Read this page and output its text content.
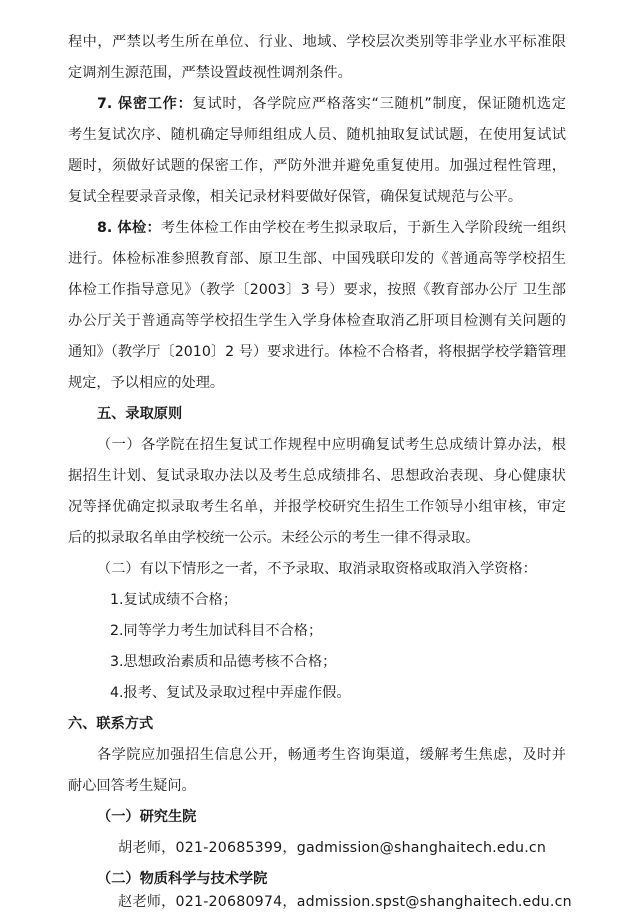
程中，严禁以考生所在单位、行业、地域、学校层次类别等非学业水平标准限
定调剂生源范围，严禁设置歧视性调剂条件。
7. 保密工作：复试时，各学院应严格落实“三随机”制度，保证随机选定
考生复试次序、随机确定导师组组成人员、随机抽取复试试题，在使用复试试
题时，须做好试题的保密工作，严防外泄并避免重复使用。加强过程性管理，
复试全程要录音录像，相关记录材料要做好保管，确保复试规范与公平。
8. 体检：考生体检工作由学校在考生拟录取后，于新生入学阶段统一组织
进行。体检标准参照教育部、原卫生部、中国残联印发的《普通高等学校招生
体检工作指导意见》（教学〔2003〕3 号）要求，按照《教育部办公厅 卫生部
办公厅关于普通高等学校招生学生入学身体检查取消乙肝项目检测有关问题的
通知》（教学厅〔2010〕2 号）要求进行。体检不合格者，将根据学校学籍管理
规定，予以相应的处理。
五、录取原则
（一）各学院在招生复试工作规程中应明确复试考生总成绩计算办法，根
据招生计划、复试录取办法以及考生总成绩排名、思想政治表现、身心健康状
况等择优确定拟录取考生名单，并报学校研究生招生工作领导小组审核，审定
后的拟录取名单由学校统一公示。未经公示的考生一律不得录取。
（二）有以下情形之一者，不予录取、取消录取资格或取消入学资格：
1.复试成绩不合格；
2.同等学力考生加试科目不合格；
3.思想政治素质和品德考核不合格；
4.报考、复试及录取过程中弄虚作假。
六、联系方式
各学院应加强招生信息公开，畅通考生咨询渠道，缓解考生焦虑，及时并
耐心回答考生疑问。
（一）研究生院
胡老师，021-20685399，gadmission@shanghaitech.edu.cn
（二）物质科学与技术学院
赵老师，021-20680974，admission.spst@shanghaitech.edu.cn
